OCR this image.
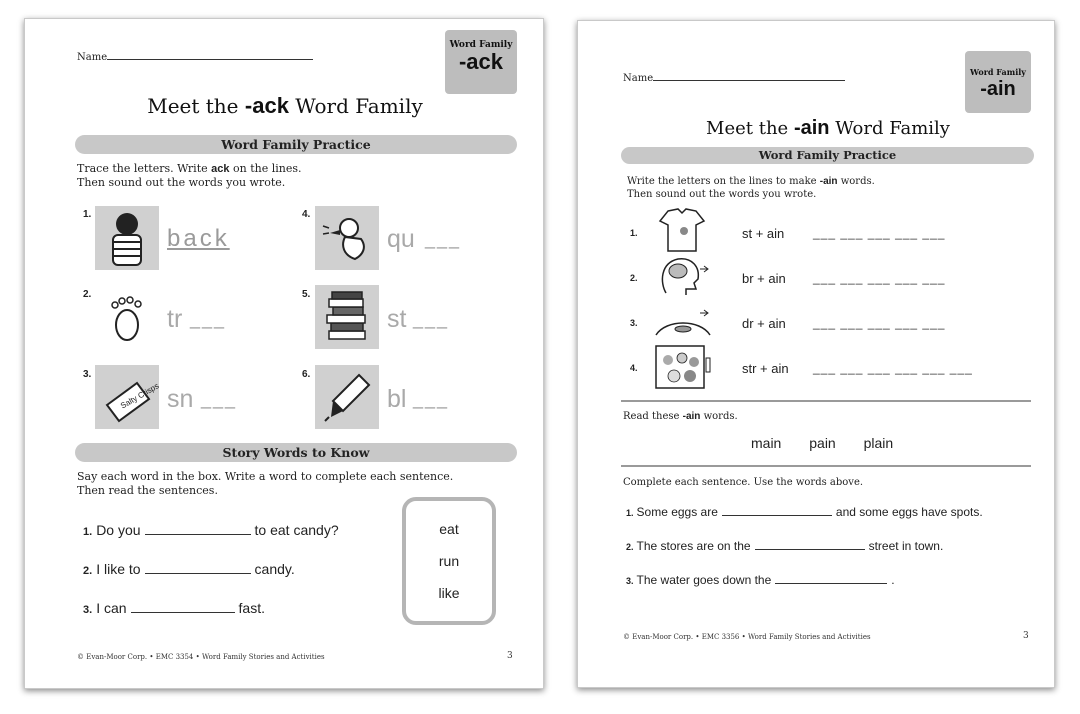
Name
Word Family
-ack
Meet the -ack Word Family
Word Family Practice
Trace the letters. Write ack on the lines.
Then sound out the words you wrote.
1.
back
2.
tr ___
3.
Salty Crisps sn ___
4.
qu ___
5.
st ___
6.
bl ___
Story Words to Know
Say each word in the box. Write a word to complete each sentence.
Then read the sentences.
1. Do you	to eat candy?
2. I like to	candy.
3. I can	fast.
eat
run
like
© Evan-Moor Corp. • EMC 3354 • Word Family Stories and Activities	3
Name
Word Family
-ain
Meet the -ain Word Family
Word Family Practice
Write the letters on the lines to make -ain words.
Then sound out the words you wrote.
1.	st + ain ___ ___ ___ ___ ___
2.	br + ain ___ ___ ___ ___ ___
3.	dr + ain ___ ___ ___ ___ ___
4.	str + ain ___ ___ ___ ___ ___ ___
Read these -ain words.
main pain plain
Complete each sentence. Use the words above.
1. Some eggs are	and some eggs have spots.
2. The stores are on the	street in town.
3. The water goes down the	.
© Evan-Moor Corp. • EMC 3356 • Word Family Stories and Activities	3
